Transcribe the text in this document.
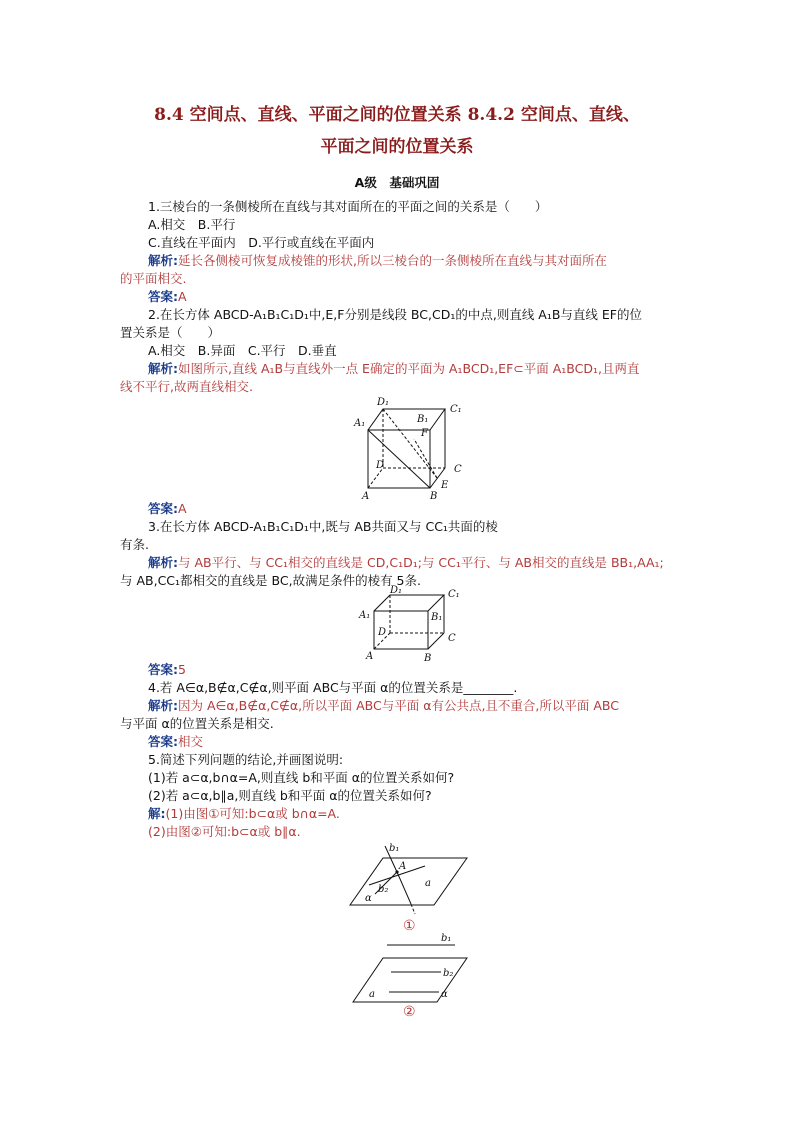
8.4 空间点、直线、平面之间的位置关系 8.4.2 空间点、直线、
平面之间的位置关系
A级　基础巩固
1.三棱台的一条侧棱所在直线与其对面所在的平面之间的关系是（　　）
A.相交　B.平行
C.直线在平面内　D.平行或直线在平面内
解析:延长各侧棱可恢复成棱锥的形状,所以三棱台的一条侧棱所在直线与其对面所在
的平面相交.
答案:A
2.在长方体 ABCD-A₁B₁C₁D₁中,E,F分别是线段 BC,CD₁的中点,则直线 A₁B与直线 EF的位
置关系是（　　）
A.相交　B.异面　C.平行　D.垂直
解析:如图所示,直线 A₁B与直线外一点 E确定的平面为 A₁BCD₁,EF⊂平面 A₁BCD₁,且两直
线不平行,故两直线相交.
D₁
B₁
C₁
A₁
F
D	C
A	B
E
答案:A
3.在长方体 ABCD-A₁B₁C₁D₁中,既与 AB共面又与 CC₁共面的棱
有条.
解析:与 AB平行、与 CC₁相交的直线是 CD,C₁D₁;与 CC₁平行、与 AB相交的直线是 BB₁,AA₁;
与 AB,CC₁都相交的直线是 BC,故满足条件的棱有 5条.
D₁	C₁
A₁	B₁
D
C
A	B
答案:5
4.若 A∈α,B∉α,C∉α,则平面 ABC与平面 α的位置关系是________.
解析:因为 A∈α,B∉α,C∉α,所以平面 ABC与平面 α有公共点,且不重合,所以平面 ABC
与平面 α的位置关系是相交.
答案:相交
5.简述下列问题的结论,并画图说明:
(1)若 a⊂α,b∩α=A,则直线 b和平面 α的位置关系如何?
(2)若 a⊂α,b∥a,则直线 b和平面 α的位置关系如何?
解:(1)由图①可知:b⊂α或 b∩α=A.
(2)由图②可知:b⊂α或 b∥α.
b₁
A
a
b₂
α
①
b₁
b₂
a	α
②
